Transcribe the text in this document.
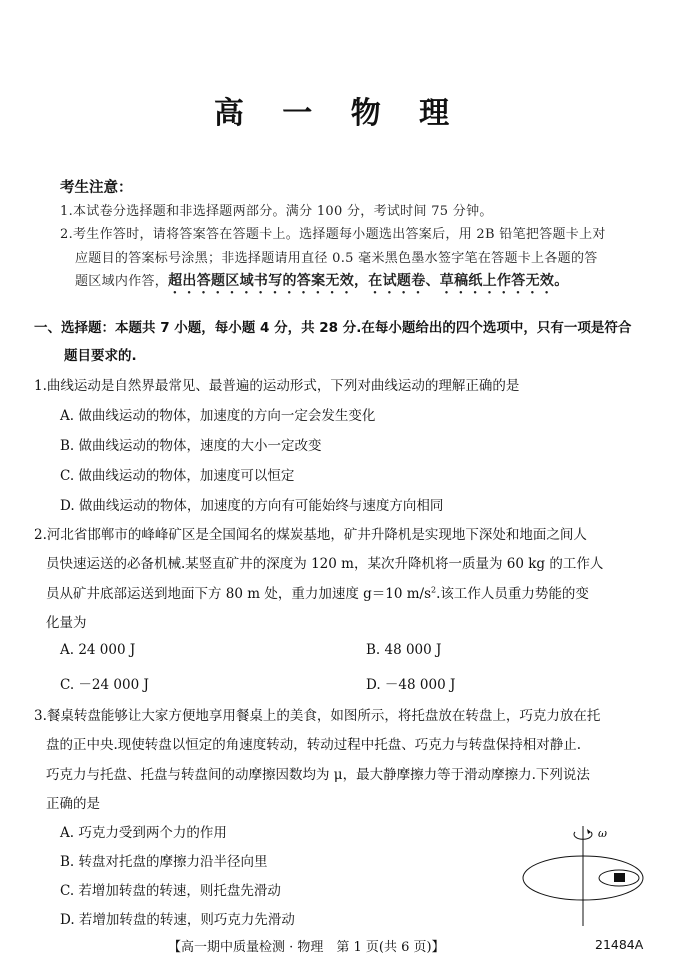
高 一 物 理
考生注意：
1.本试卷分选择题和非选择题两部分。满分 100 分，考试时间 75 分钟。
2.考生作答时，请将答案答在答题卡上。选择题每小题选出答案后，用 2B 铅笔把答题卡上对
应题目的答案标号涂黑；非选择题请用直径 0.5 毫米黑色墨水签字笔在答题卡上各题的答
题区域内作答，超出答题区域书写的答案无效，在试题卷、草稿纸上作答无效。
一、选择题：本题共 7 小题，每小题 4 分，共 28 分.在每小题给出的四个选项中，只有一项是符合
题目要求的.
1.曲线运动是自然界最常见、最普遍的运动形式，下列对曲线运动的理解正确的是
A. 做曲线运动的物体，加速度的方向一定会发生变化
B. 做曲线运动的物体，速度的大小一定改变
C. 做曲线运动的物体，加速度可以恒定
D. 做曲线运动的物体，加速度的方向有可能始终与速度方向相同
2.河北省邯郸市的峰峰矿区是全国闻名的煤炭基地，矿井升降机是实现地下深处和地面之间人
员快速运送的必备机械.某竖直矿井的深度为 120 m，某次升降机将一质量为 60 kg 的工作人
员从矿井底部运送到地面下方 80 m 处，重力加速度 g＝10 $m/s^2$.该工作人员重力势能的变
化量为
A. 24 000 J	B. 48 000 J
C. －24 000 J	D. －48 000 J
3.餐桌转盘能够让大家方便地享用餐桌上的美食，如图所示，将托盘放在转盘上，巧克力放在托
盘的正中央.现使转盘以恒定的角速度转动，转动过程中托盘、巧克力与转盘保持相对静止.
巧克力与托盘、托盘与转盘间的动摩擦因数均为 μ，最大静摩擦力等于滑动摩擦力.下列说法
正确的是
A. 巧克力受到两个力的作用
B. 转盘对托盘的摩擦力沿半径向里
C. 若增加转盘的转速，则托盘先滑动
D. 若增加转盘的转速，则巧克力先滑动
ω
【高一期中质量检测 · 物理　第 1 页(共 6 页)】	21484A
